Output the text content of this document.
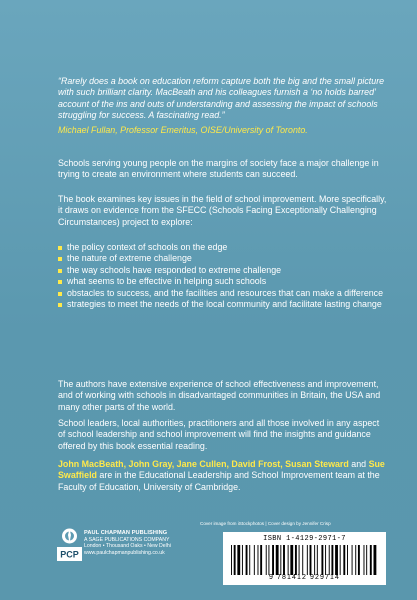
“Rarely does a book on education reform capture both the big and the small picture with such brilliant clarity. MacBeath and his colleagues furnish a ‘no holds barred’ account of the ins and outs of understanding and assessing the impact of schools struggling for success. A fascinating read.”
Michael Fullan, Professor Emeritus, OISE/University of Toronto.
Schools serving young people on the margins of society face a major challenge in trying to create an environment where students can succeed.
The book examines key issues in the field of school improvement. More specifically, it draws on evidence from the SFECC (Schools Facing Exceptionally Challenging Circumstances) project to explore:
the policy context of schools on the edge
the nature of extreme challenge
the way schools have responded to extreme challenge
what seems to be effective in helping such schools
obstacles to success, and the facilities and resources that can make a difference
strategies to meet the needs of the local community and facilitate lasting change
The authors have extensive experience of school effectiveness and improvement, and of working with schools in disadvantaged communities in Britain, the USA and many other parts of the world.
School leaders, local authorities, practitioners and all those involved in any aspect of school leadership and school improvement will find the insights and guidance offered by this book essential reading.
John MacBeath, John Gray, Jane Cullen, David Frost, Susan Steward and Sue Swaffield are in the Educational Leadership and School Improvement team at the Faculty of Education, University of Cambridge.
Cover image from iStockphotos | Cover design by Jennifer Crisp
PCP
PAUL CHAPMAN PUBLISHING
A SAGE PUBLICATIONS COMPANY
London • Thousand Oaks • New Delhi
www.paulchapmanpublishing.co.uk
ISBN 1-4129-2971-7
9 781412 929714
